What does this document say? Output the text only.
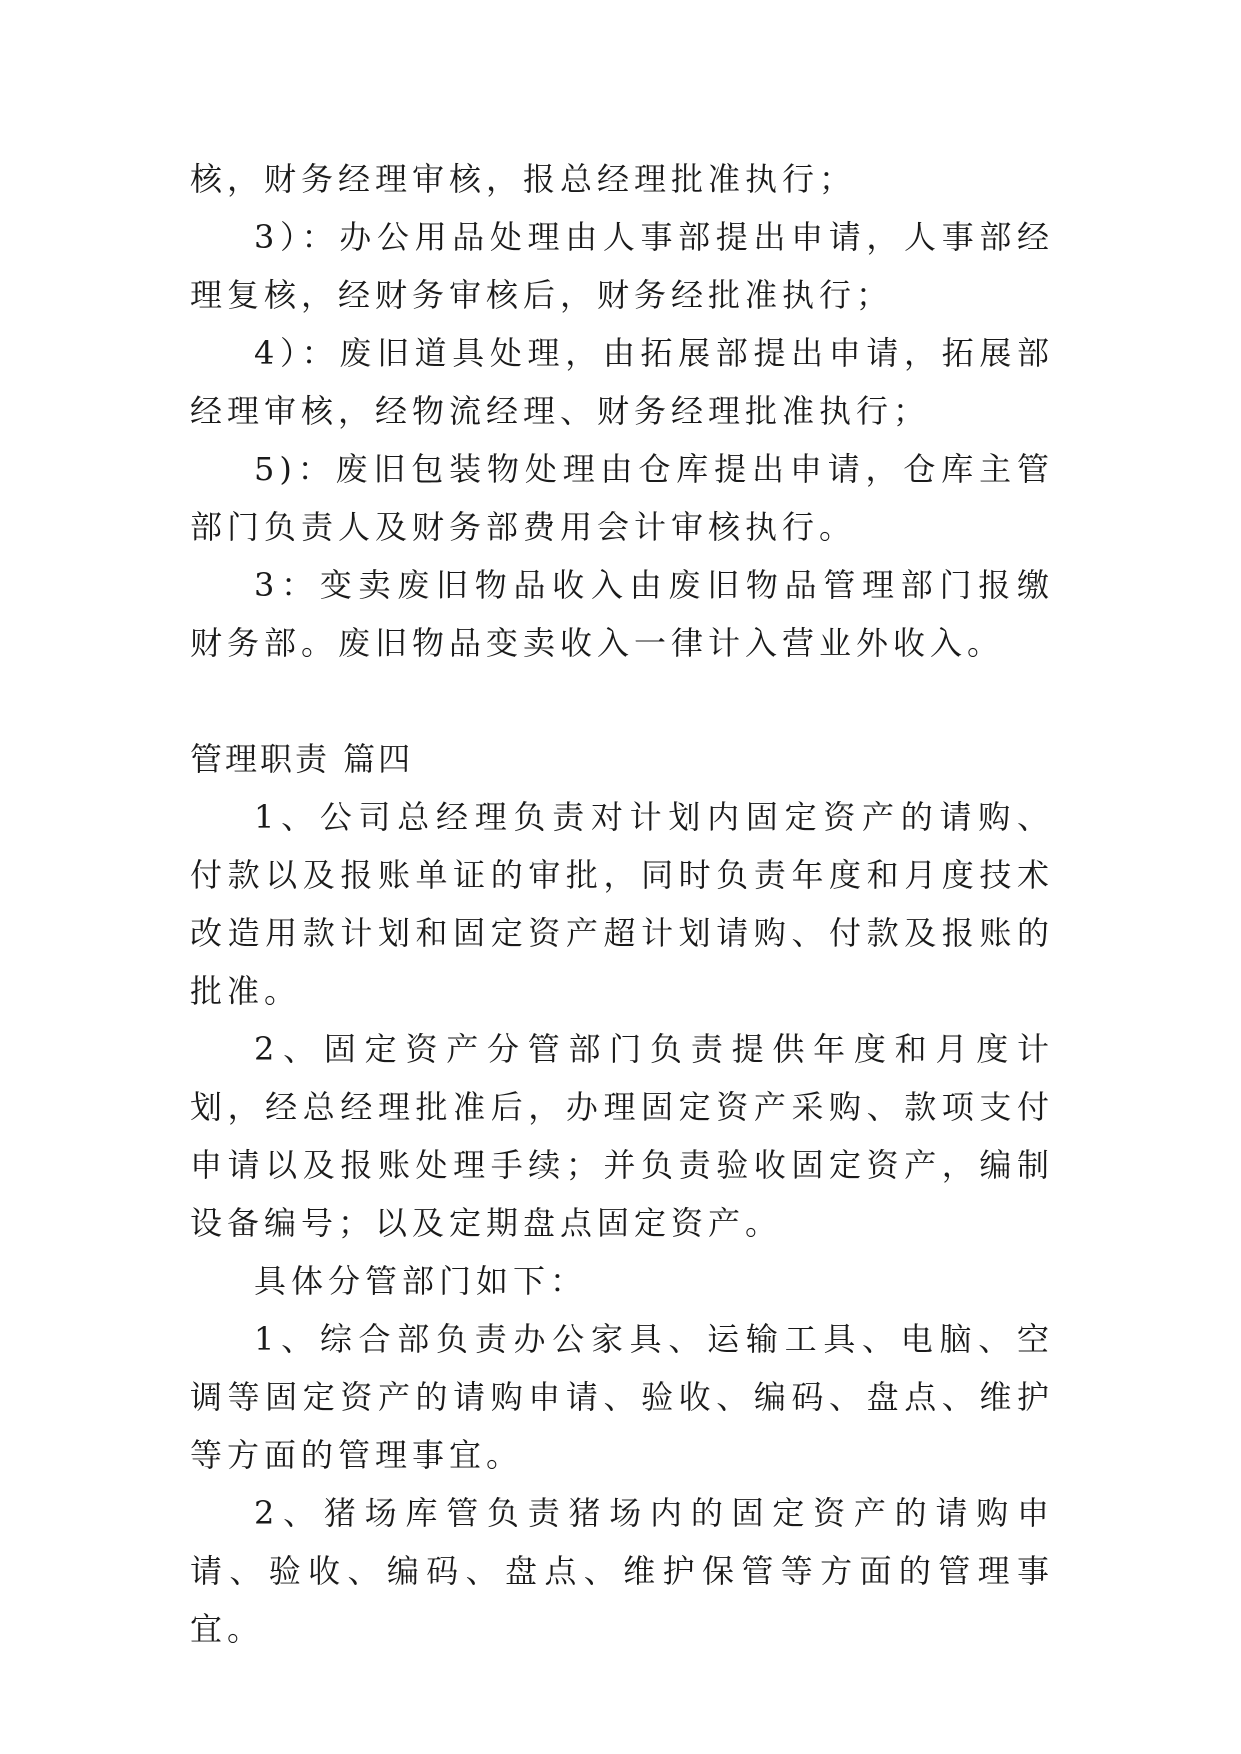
核，财务经理审核，报总经理批准执行；

3）：办公用品处理由人事部提出申请，人事部经理复核，经财务审核后，财务经批准执行；

4）：废旧道具处理，由拓展部提出申请，拓展部经理审核，经物流经理、财务经理批准执行；

5)：废旧包装物处理由仓库提出申请，仓库主管部门负责人及财务部费用会计审核执行。

3：变卖废旧物品收入由废旧物品管理部门报缴财务部。废旧物品变卖收入一律计入营业外收入。

管理职责 篇四

1、公司总经理负责对计划内固定资产的请购、付款以及报账单证的审批，同时负责年度和月度技术改造用款计划和固定资产超计划请购、付款及报账的批准。

2、固定资产分管部门负责提供年度和月度计划，经总经理批准后，办理固定资产采购、款项支付申请以及报账处理手续；并负责验收固定资产，编制设备编号；以及定期盘点固定资产。

具体分管部门如下：

1、综合部负责办公家具、运输工具、电脑、空调等固定资产的请购申请、验收、编码、盘点、维护等方面的管理事宜。

2、猪场库管负责猪场内的固定资产的请购申请、验收、编码、盘点、维护保管等方面的管理事宜。
